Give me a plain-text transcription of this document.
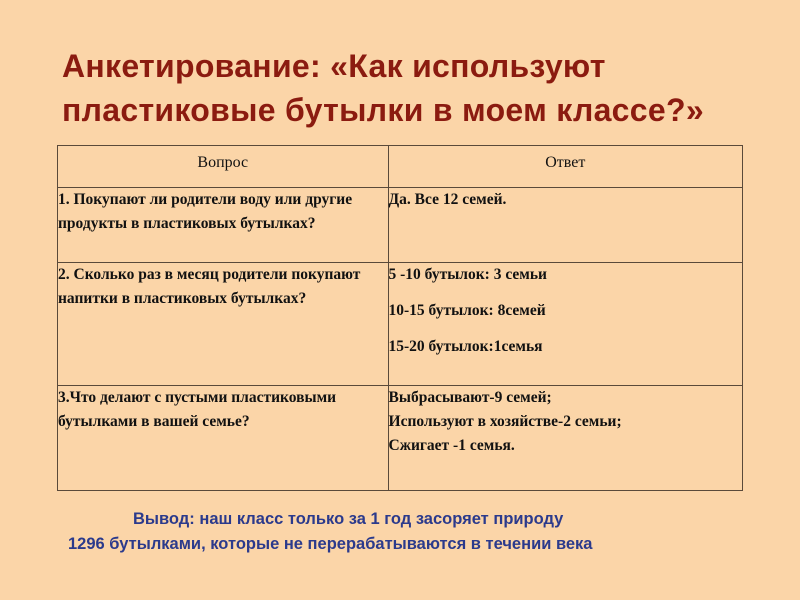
Анкетирование: «Как используют
пластиковые бутылки в моем классе?»
Вопрос	Ответ
1. Покупают ли родители воду или другие продукты в пластиковых бутылках?	Да. Все 12 семей.

2. Сколько раз в месяц родители покупают напитки в пластиковых бутылках?	5 -10 бутылок: 3 семьи
10-15 бутылок: 8семей
15-20 бутылок:1семья

3.Что делают с пустыми пластиковыми бутылками в вашей семье?	Выбрасывают-9 семей;
Используют в хозяйстве-2 семьи;
Сжигает -1 семья.
Вывод: наш класс только за 1 год засоряет природу
1296 бутылками, которые не перерабатываются в течении века
